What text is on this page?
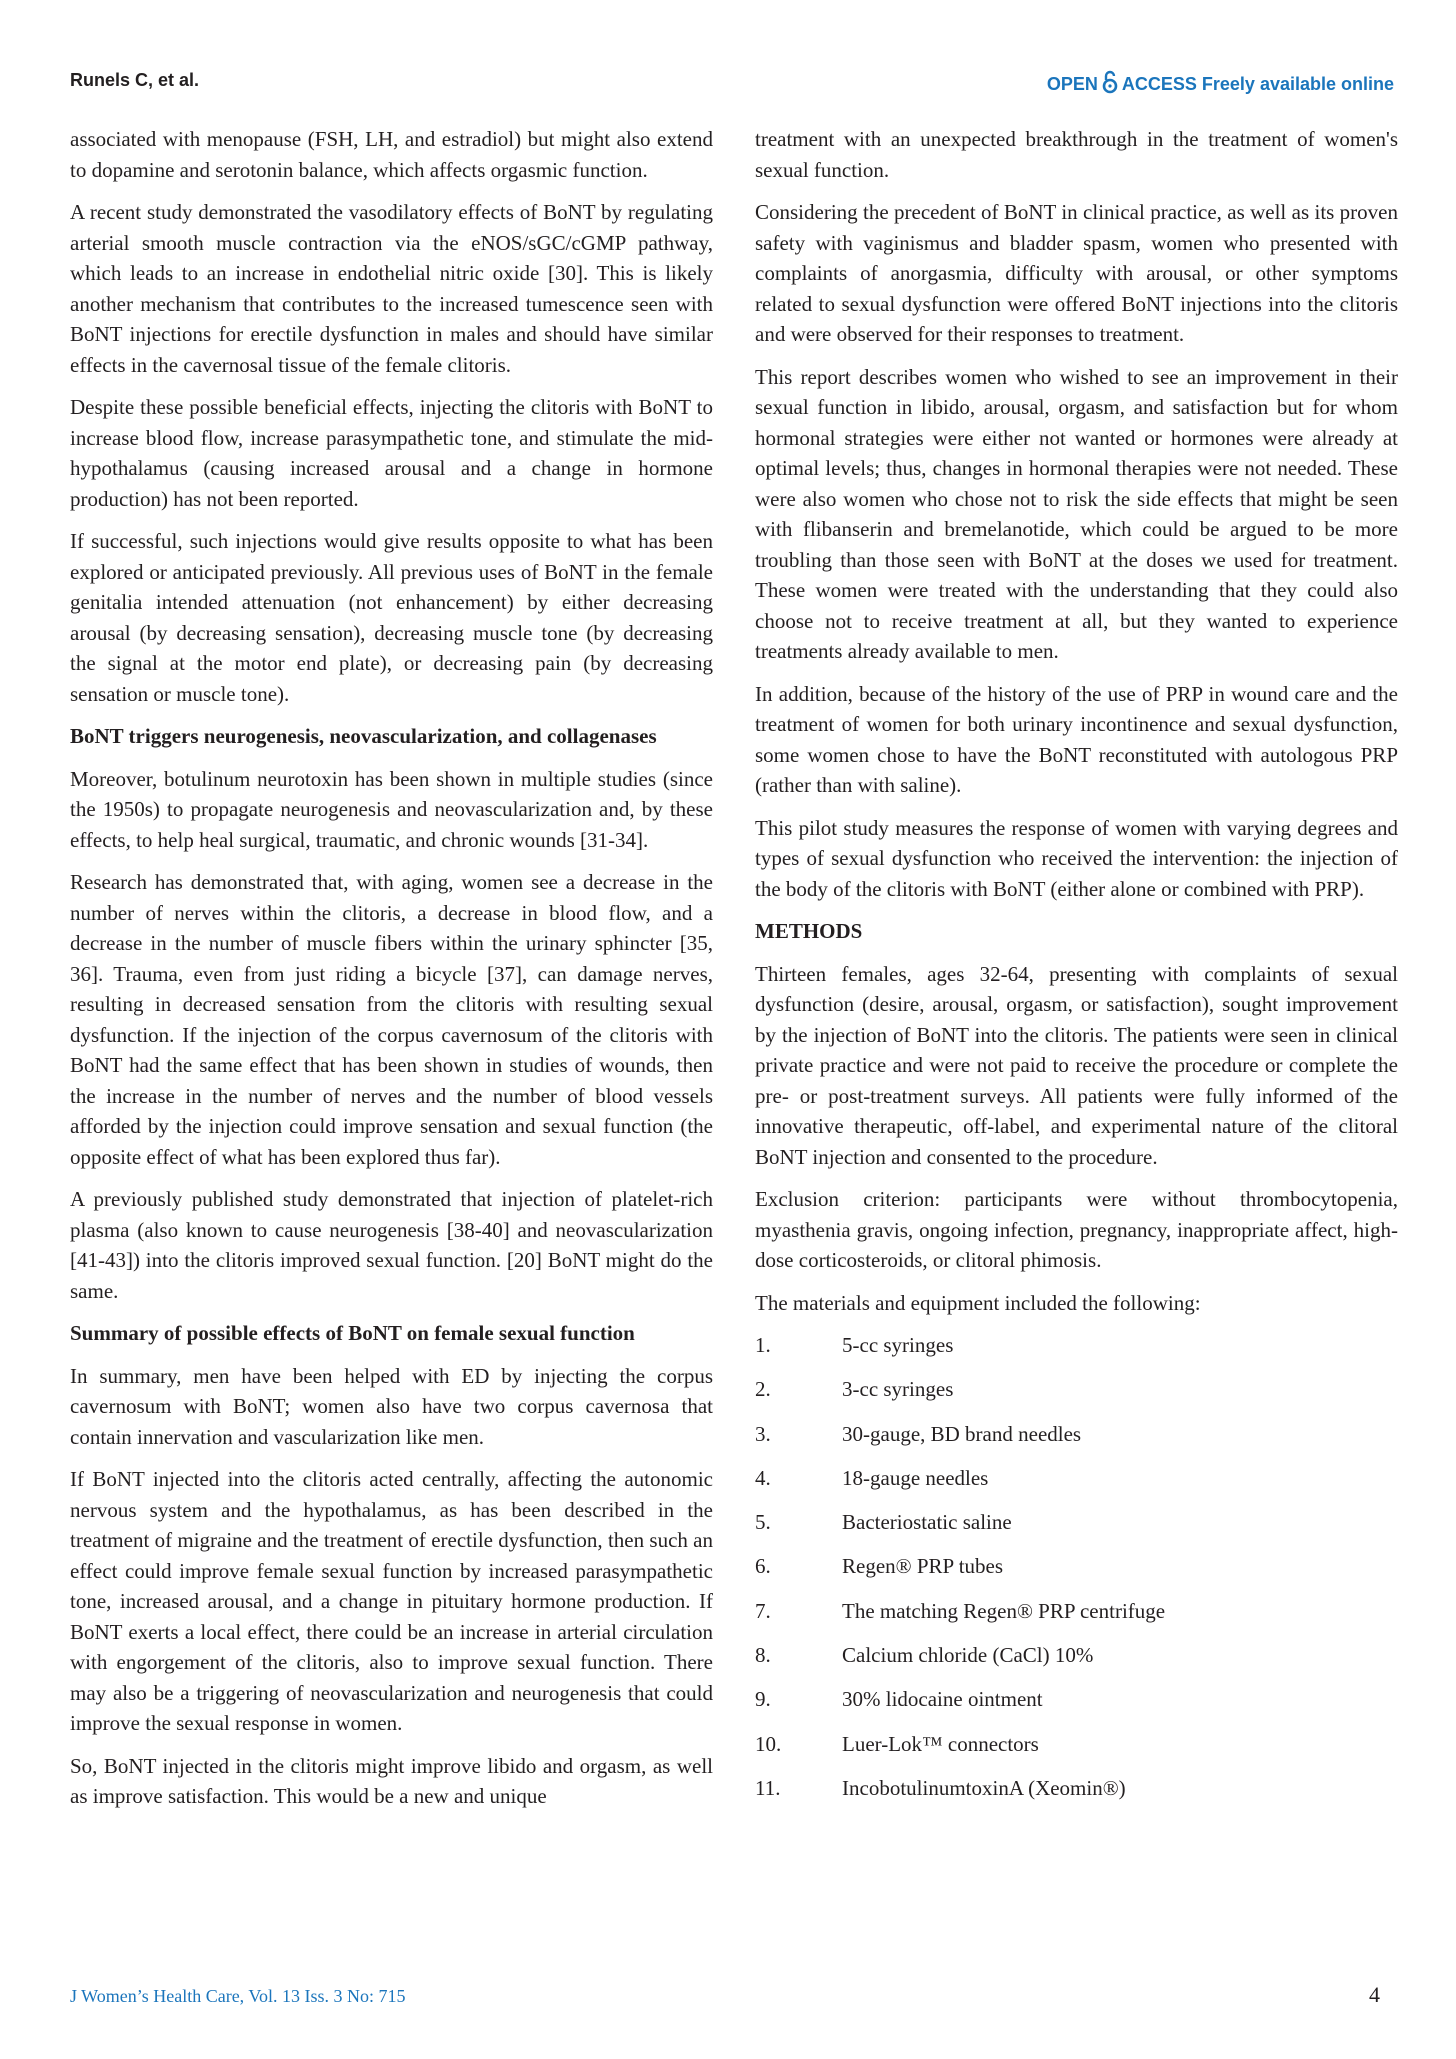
Runels C, et al.	OPEN ACCESS Freely available online

associated with menopause (FSH, LH, and estradiol) but might also extend to dopamine and serotonin balance, which affects orgasmic function.

A recent study demonstrated the vasodilatory effects of BoNT by regulating arterial smooth muscle contraction via the eNOS/sGC/cGMP pathway, which leads to an increase in endothelial nitric oxide [30]. This is likely another mechanism that contributes to the increased tumescence seen with BoNT injections for erectile dysfunction in males and should have similar effects in the cavernosal tissue of the female clitoris.

Despite these possible beneficial effects, injecting the clitoris with BoNT to increase blood flow, increase parasympathetic tone, and stimulate the mid-hypothalamus (causing increased arousal and a change in hormone production) has not been reported.

If successful, such injections would give results opposite to what has been explored or anticipated previously. All previous uses of BoNT in the female genitalia intended attenuation (not enhancement) by either decreasing arousal (by decreasing sensation), decreasing muscle tone (by decreasing the signal at the motor end plate), or decreasing pain (by decreasing sensation or muscle tone).

BoNT triggers neurogenesis, neovascularization, and collagenases

Moreover, botulinum neurotoxin has been shown in multiple studies (since the 1950s) to propagate neurogenesis and neovascularization and, by these effects, to help heal surgical, traumatic, and chronic wounds [31-34].

Research has demonstrated that, with aging, women see a decrease in the number of nerves within the clitoris, a decrease in blood flow, and a decrease in the number of muscle fibers within the urinary sphincter [35, 36]. Trauma, even from just riding a bicycle [37], can damage nerves, resulting in decreased sensation from the clitoris with resulting sexual dysfunction. If the injection of the corpus cavernosum of the clitoris with BoNT had the same effect that has been shown in studies of wounds, then the increase in the number of nerves and the number of blood vessels afforded by the injection could improve sensation and sexual function (the opposite effect of what has been explored thus far).

A previously published study demonstrated that injection of platelet-rich plasma (also known to cause neurogenesis [38-40] and neovascularization [41-43]) into the clitoris improved sexual function. [20] BoNT might do the same.

Summary of possible effects of BoNT on female sexual function

In summary, men have been helped with ED by injecting the corpus cavernosum with BoNT; women also have two corpus cavernosa that contain innervation and vascularization like men.

If BoNT injected into the clitoris acted centrally, affecting the autonomic nervous system and the hypothalamus, as has been described in the treatment of migraine and the treatment of erectile dysfunction, then such an effect could improve female sexual function by increased parasympathetic tone, increased arousal, and a change in pituitary hormone production. If BoNT exerts a local effect, there could be an increase in arterial circulation with engorgement of the clitoris, also to improve sexual function. There may also be a triggering of neovascularization and neurogenesis that could improve the sexual response in women.

So, BoNT injected in the clitoris might improve libido and orgasm, as well as improve satisfaction. This would be a new and unique

treatment with an unexpected breakthrough in the treatment of women's sexual function.

Considering the precedent of BoNT in clinical practice, as well as its proven safety with vaginismus and bladder spasm, women who presented with complaints of anorgasmia, difficulty with arousal, or other symptoms related to sexual dysfunction were offered BoNT injections into the clitoris and were observed for their responses to treatment.

This report describes women who wished to see an improvement in their sexual function in libido, arousal, orgasm, and satisfaction but for whom hormonal strategies were either not wanted or hormones were already at optimal levels; thus, changes in hormonal therapies were not needed. These were also women who chose not to risk the side effects that might be seen with flibanserin and bremelanotide, which could be argued to be more troubling than those seen with BoNT at the doses we used for treatment. These women were treated with the understanding that they could also choose not to receive treatment at all, but they wanted to experience treatments already available to men.

In addition, because of the history of the use of PRP in wound care and the treatment of women for both urinary incontinence and sexual dysfunction, some women chose to have the BoNT reconstituted with autologous PRP (rather than with saline).

This pilot study measures the response of women with varying degrees and types of sexual dysfunction who received the intervention: the injection of the body of the clitoris with BoNT (either alone or combined with PRP).

METHODS

Thirteen females, ages 32-64, presenting with complaints of sexual dysfunction (desire, arousal, orgasm, or satisfaction), sought improvement by the injection of BoNT into the clitoris. The patients were seen in clinical private practice and were not paid to receive the procedure or complete the pre- or post-treatment surveys. All patients were fully informed of the innovative therapeutic, off-label, and experimental nature of the clitoral BoNT injection and consented to the procedure.

Exclusion criterion: participants were without thrombocytopenia, myasthenia gravis, ongoing infection, pregnancy, inappropriate affect, high-dose corticosteroids, or clitoral phimosis.

The materials and equipment included the following:

1.	5-cc syringes
2.	3-cc syringes
3.	30-gauge, BD brand needles
4.	18-gauge needles
5.	Bacteriostatic saline
6.	Regen® PRP tubes
7.	The matching Regen® PRP centrifuge
8.	Calcium chloride (CaCl) 10%
9.	30% lidocaine ointment
10.	Luer-Lok™ connectors
11.	IncobotulinumtoxinA (Xeomin®)
J Women’s Health Care, Vol. 13 Iss. 3 No: 715	4
